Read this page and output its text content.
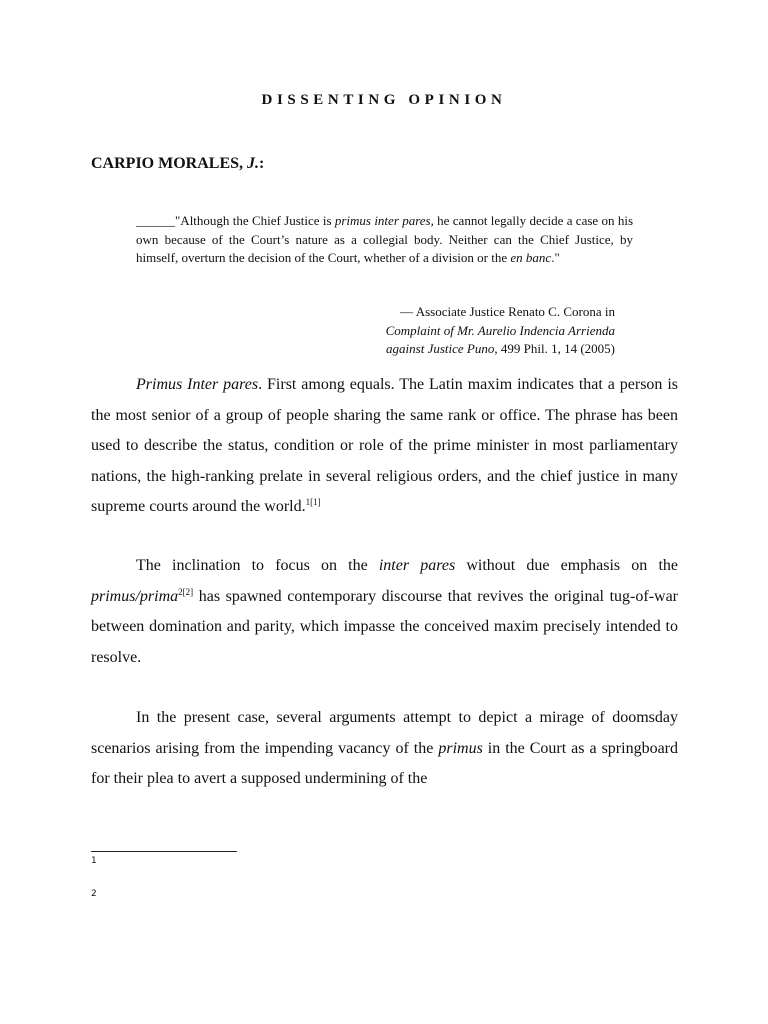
DISSENTING OPINION
CARPIO MORALES, J.:
______"Although the Chief Justice is primus inter pares, he cannot legally decide a case on his own because of the Court’s nature as a collegial body. Neither can the Chief Justice, by himself, overturn the decision of the Court, whether of a division or the en banc."
— Associate Justice Renato C. Corona in
Complaint of Mr. Aurelio Indencia Arrienda
against Justice Puno, 499 Phil. 1, 14 (2005)
Primus Inter pares. First among equals. The Latin maxim indicates that a person is the most senior of a group of people sharing the same rank or office. The phrase has been used to describe the status, condition or role of the prime minister in most parliamentary nations, the high-ranking prelate in several religious orders, and the chief justice in many supreme courts around the world.$^{1[1]}$
The inclination to focus on the inter pares without due emphasis on the primus/prima$^{2[2]}$ has spawned contemporary discourse that revives the original tug-of-war between domination and parity, which impasse the conceived maxim precisely intended to resolve.
In the present case, several arguments attempt to depict a mirage of doomsday scenarios arising from the impending vacancy of the primus in the Court as a springboard for their plea to avert a supposed undermining of the
1
2
